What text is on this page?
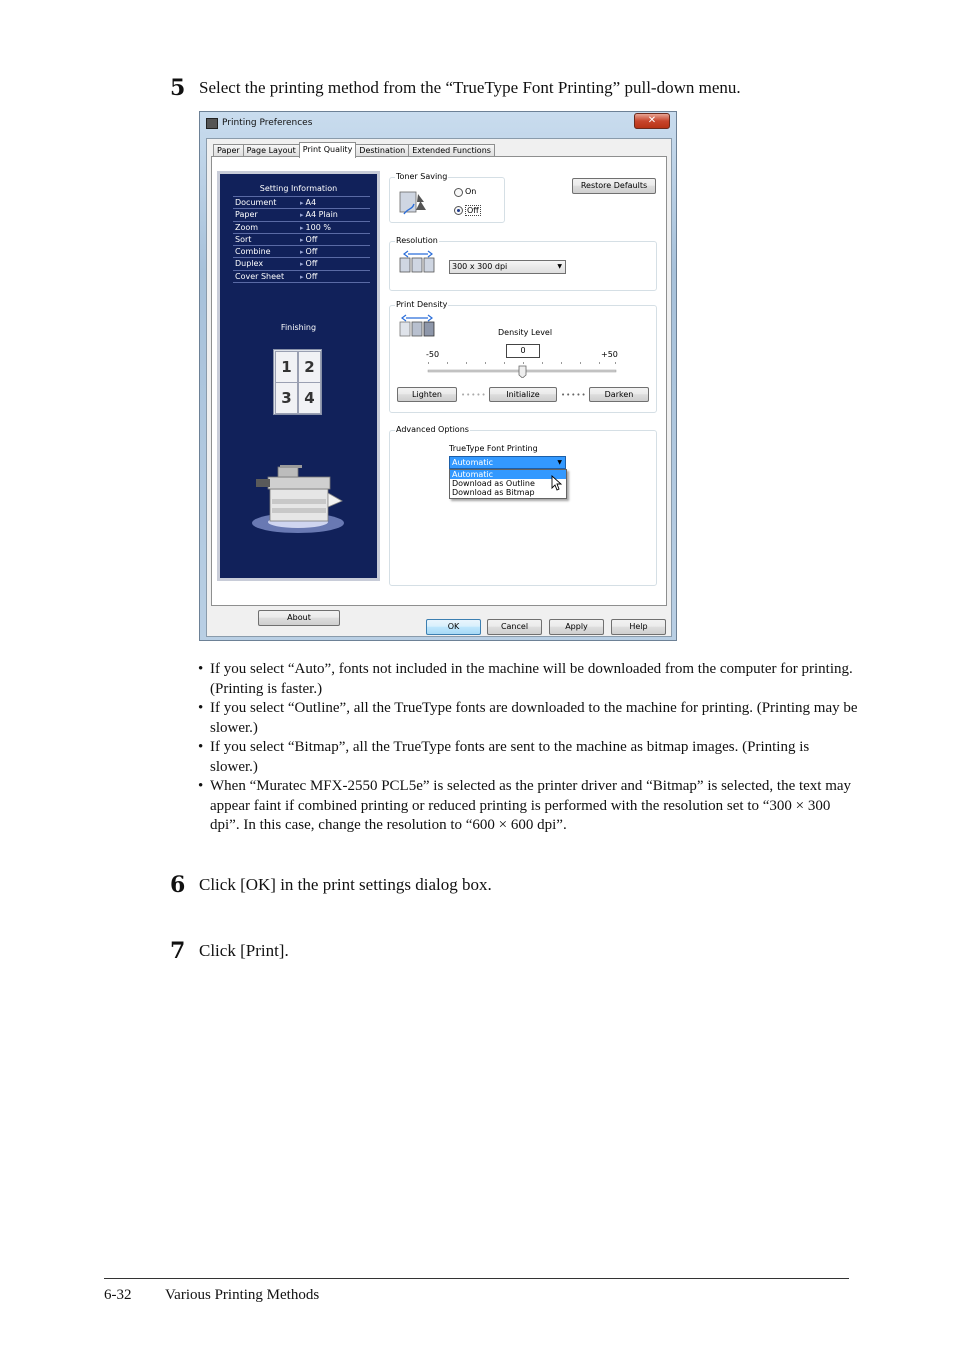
5 Select the printing method from the “TrueType Font Printing” pull-down menu.
Printing Preferences	✕
Paper Page Layout Print Quality Destination Extended Functions
Setting Information
Document	▸ A4
Paper	▸ A4 Plain
Zoom	▸ 100 %
Sort	▸ Off
Combine	▸ Off
Duplex	▸ Off
Cover Sheet	▸ Off
Finishing
1 2
3 4
Toner Saving
On
Off
Restore Defaults
Resolution
300 x 300 dpi	▼
Print Density
Density Level
0
-50	+50
Lighten	•••••	Initialize	•••••	Darken
Advanced Options
TrueType Font Printing
Automatic	▼
Automatic
Download as Outline
Download as Bitmap
About
OK	Cancel	Apply	Help
• If you select “Auto”, fonts not included in the machine will be downloaded from the computer for printing. (Printing is faster.)
• If you select “Outline”, all the TrueType fonts are downloaded to the machine for printing. (Printing may be slower.)
• If you select “Bitmap”, all the TrueType fonts are sent to the machine as bitmap images. (Printing is slower.)
• When “Muratec MFX-2550 PCL5e” is selected as the printer driver and “Bitmap” is selected, the text may appear faint if combined printing or reduced printing is performed with the resolution set to “300 × 300 dpi”. In this case, change the resolution to “600 × 600 dpi”.
6 Click [OK] in the print settings dialog box.
7 Click [Print].
6-32 Various Printing Methods
